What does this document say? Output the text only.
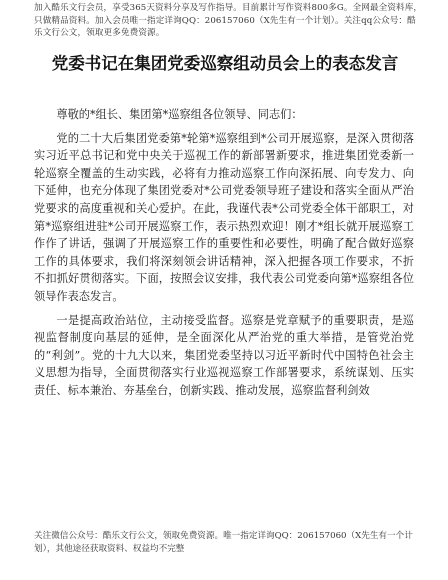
加入酷乐文行会员，享受365天资料分享及写作指导。目前累计写作资料800多G。全网最全资料库，只做精品资料。加入会员唯一指定详询QQ：206157060（X先生有一个计划）。关注qq公众号：酷乐文行公文，领取更多免费资源。
党委书记在集团党委巡察组动员会上的表态发言

尊敬的*组长、集团第*巡察组各位领导、同志们：

党的二十大后集团党委第*轮第*巡察组到*公司开展巡察，是深入贯彻落实习近平总书记和党中央关于巡视工作的新部署新要求，推进集团党委新一轮巡察全覆盖的生动实践，必将有力推动巡察工作向深拓展、向专发力、向下延伸，也充分体现了集团党委对*公司党委领导班子建设和落实全面从严治党要求的高度重视和关心爱护。在此，我谨代表*公司党委全体干部职工，对第*巡察组进驻*公司开展巡察工作，表示热烈欢迎！刚才*组长就开展巡察工作作了讲话，强调了开展巡察工作的重要性和必要性，明确了配合做好巡察工作的具体要求，我们将深刻领会讲话精神，深入把握各项工作要求，不折不扣抓好贯彻落实。下面，按照会议安排，我代表公司党委向第*巡察组各位领导作表态发言。

一是提高政治站位，主动接受监督。巡察是党章赋予的重要职责，是巡视监督制度向基层的延伸，是全面深化从严治党的重大举措，是管党治党的“利剑”。党的十九大以来，集团党委坚持以习近平新时代中国特色社会主义思想为指导，全面贯彻落实行业巡视巡察工作部署要求，系统谋划、压实责任、标本兼治、夯基垒台，创新实践、推动发展，巡察监督利剑效

关注微信公众号：酷乐文行公文，领取免费资源。唯一指定详询QQ：206157060（X先生有一个计划），其他途径获取资料、权益均不完整
